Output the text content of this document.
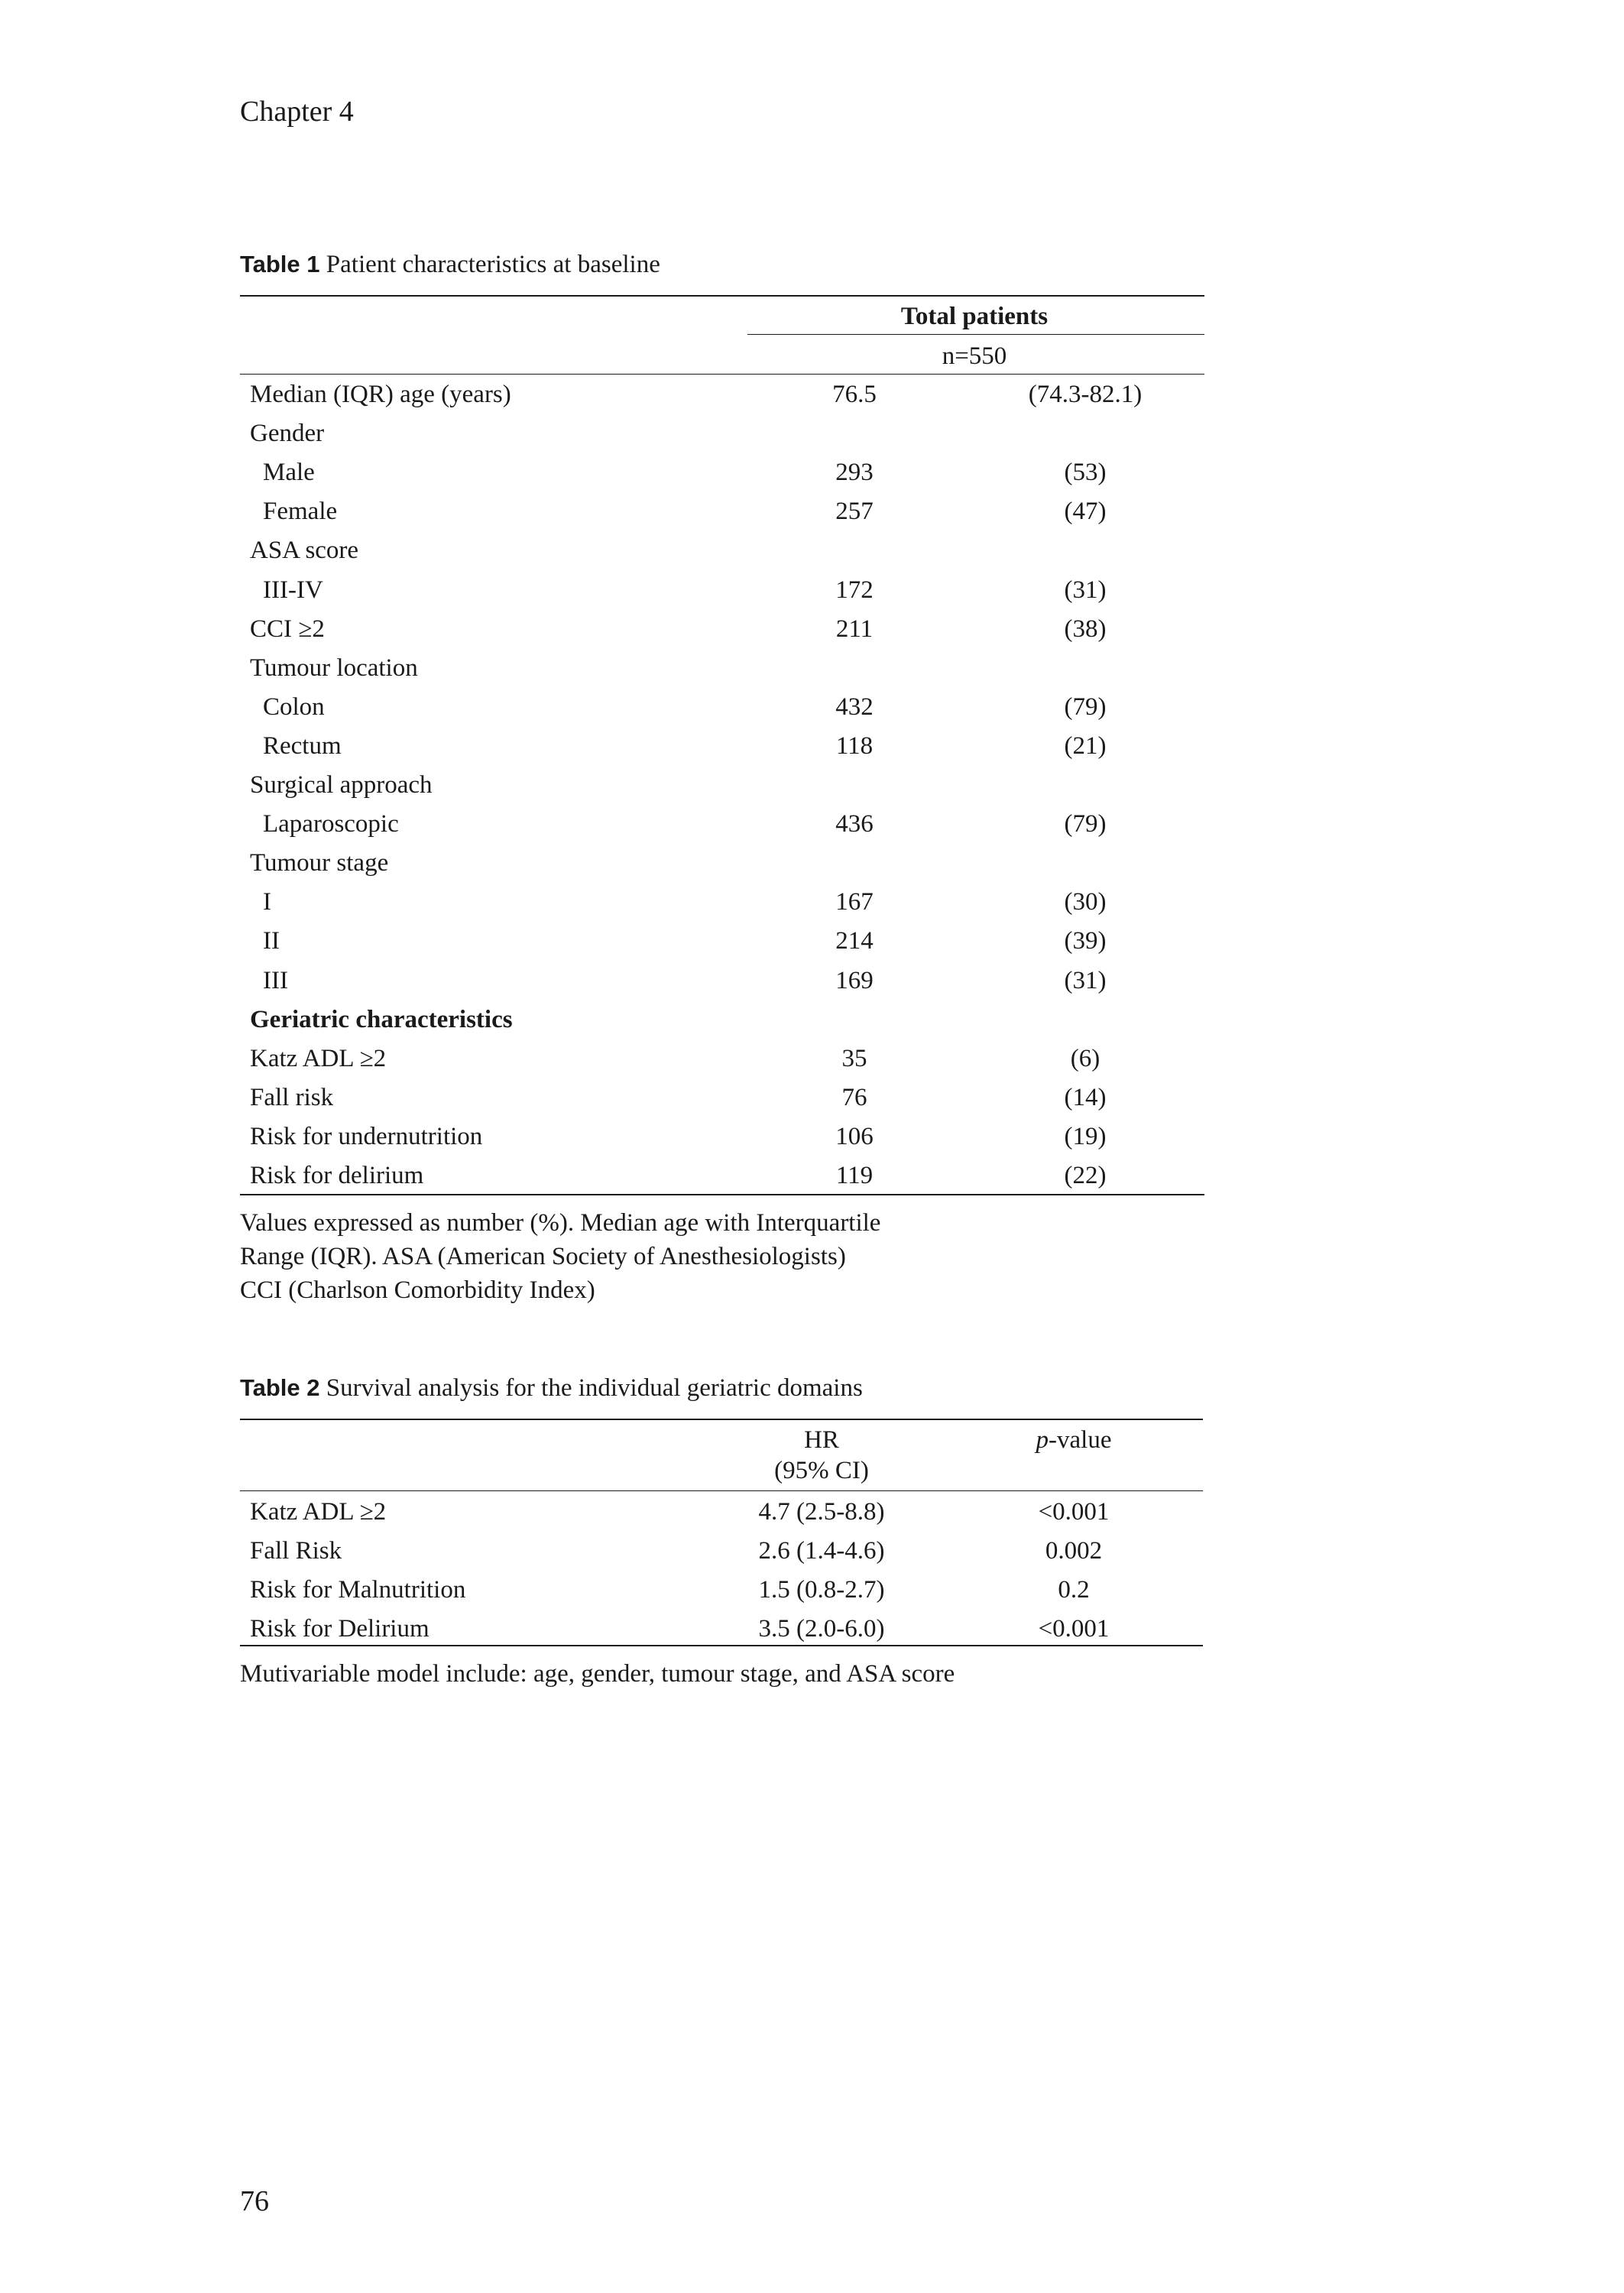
Chapter 4
Table 1 Patient characteristics at baseline
Total patients
n=550
Median (IQR) age (years)	76.5	(74.3-82.1)
Gender
Male	293	(53)
Female	257	(47)
ASA score
III-IV	172	(31)
CCI ≥2	211	(38)
Tumour location
Colon	432	(79)
Rectum	118	(21)
Surgical approach
Laparoscopic	436	(79)
Tumour stage
I	167	(30)
II	214	(39)
III	169	(31)
Geriatric characteristics
Katz ADL ≥2	35	(6)
Fall risk	76	(14)
Risk for undernutrition	106	(19)
Risk for delirium	119	(22)
Values expressed as number (%). Median age with Interquartile
Range (IQR). ASA (American Society of Anesthesiologists)
CCI (Charlson Comorbidity Index)
Table 2 Survival analysis for the individual geriatric domains
HR
(95% CI)
p-value
Katz ADL ≥2	4.7 (2.5-8.8)	<0.001
Fall Risk	2.6 (1.4-4.6)	0.002
Risk for Malnutrition	1.5 (0.8-2.7)	0.2
Risk for Delirium	3.5 (2.0-6.0)	<0.001
Mutivariable model include: age, gender, tumour stage, and ASA score
76
